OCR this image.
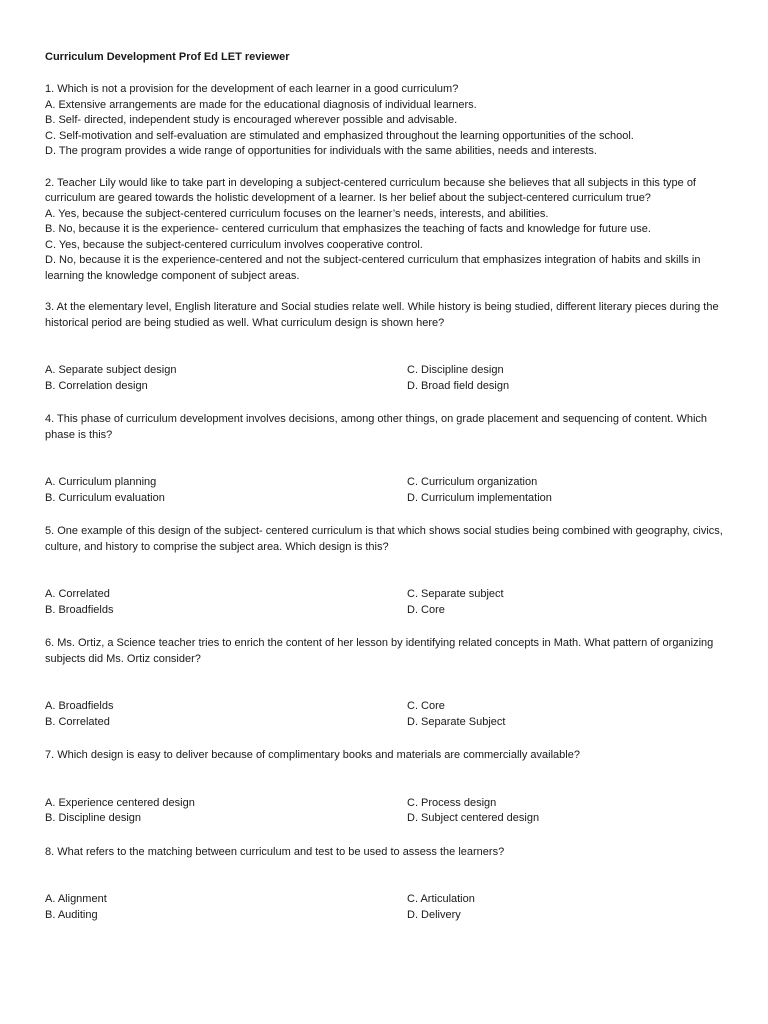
Curriculum Development Prof Ed LET reviewer

1. Which is not a provision for the development of each learner in a good curriculum?

A. Extensive arrangements are made for the educational diagnosis of individual learners.

B. Self- directed, independent study is encouraged wherever possible and advisable.

C. Self-motivation and self-evaluation are stimulated and emphasized throughout the learning opportunities of the school.

D. The program provides a wide range of opportunities for individuals with the same abilities, needs and interests.

2. Teacher Lily would like to take part in developing a subject-centered curriculum because she believes that all subjects in this type of curriculum are geared towards the holistic development of a learner. Is her belief about the subject-centered curriculum true?

A. Yes, because the subject-centered curriculum focuses on the learner’s needs, interests, and abilities.

B. No, because it is the experience- centered curriculum that emphasizes the teaching of facts and knowledge for future use.

C. Yes, because the subject-centered curriculum involves cooperative control.

D. No, because it is the experience-centered and not the subject-centered curriculum that emphasizes integration of habits and skills in learning the knowledge component of subject areas.

3. At the elementary level, English literature and Social studies relate well. While history is being studied, different literary pieces during the historical period are being studied as well. What curriculum design is shown here?

A. Separate subject design	C. Discipline design

B. Correlation design	D. Broad field design

4. This phase of curriculum development involves decisions, among other things, on grade placement and sequencing of content. Which phase is this?

A. Curriculum planning	C. Curriculum organization

B. Curriculum evaluation	D. Curriculum implementation

5. One example of this design of the subject- centered curriculum is that which shows social studies being combined with geography, civics, culture, and history to comprise the subject area. Which design is this?

A. Correlated	C. Separate subject

B. Broadfields	D. Core

6. Ms. Ortiz, a Science teacher tries to enrich the content of her lesson by identifying related concepts in Math. What pattern of organizing subjects did Ms. Ortiz consider?

A. Broadfields	C. Core

B. Correlated	D. Separate Subject

7. Which design is easy to deliver because of complimentary books and materials are commercially available?

A. Experience centered design	C. Process design

B. Discipline design	D. Subject centered design

8. What refers to the matching between curriculum and test to be used to assess the learners?

A. Alignment	C. Articulation

B. Auditing	D. Delivery
